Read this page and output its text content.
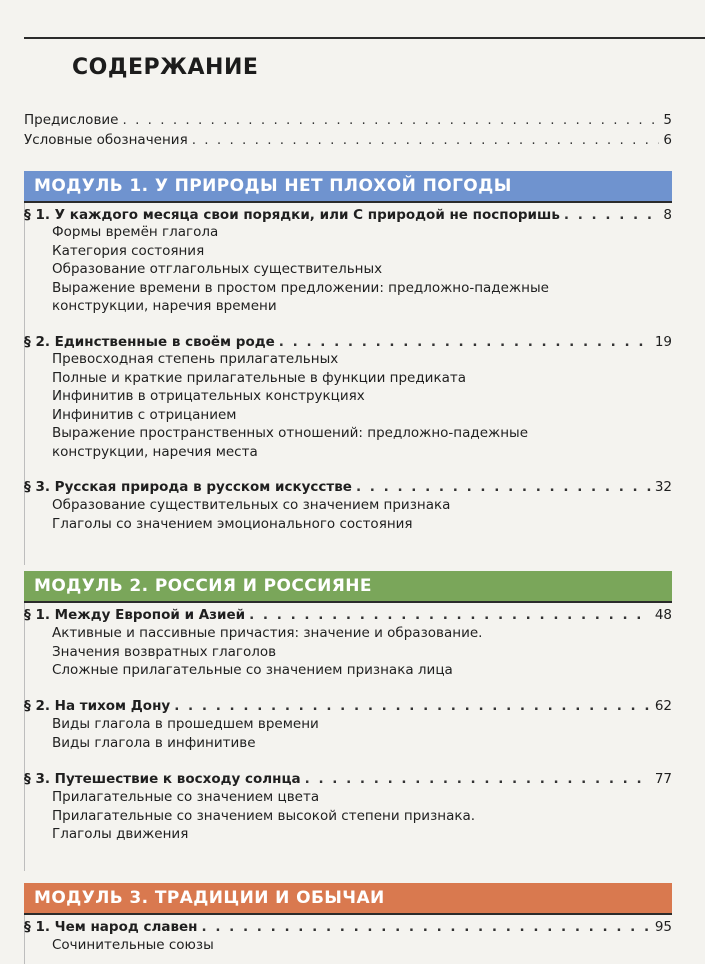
СОДЕРЖАНИЕ
Предисловие . . .	5
Условные обозначения . . .	6
МОДУЛЬ 1. У ПРИРОДЫ НЕТ ПЛОХОЙ ПОГОДЫ
§ 1. У каждого месяца свои порядки, или С природой не поспоришь . . .	8
Формы времён глагола
Категория состояния
Образование отглагольных существительных
Выражение времени в простом предложении: предложно-падежные
конструкции, наречия времени
§ 2. Единственные в своём роде . . .	19
Превосходная степень прилагательных
Полные и краткие прилагательные в функции предиката
Инфинитив в отрицательных конструкциях
Инфинитив с отрицанием
Выражение пространственных отношений: предложно-падежные
конструкции, наречия места
§ 3. Русская природа в русском искусстве . . .	32
Образование существительных со значением признака
Глаголы со значением эмоционального состояния
МОДУЛЬ 2. РОССИЯ И РОССИЯНЕ
§ 1. Между Европой и Азией . . .	48
Активные и пассивные причастия: значение и образование.
Значения возвратных глаголов
Сложные прилагательные со значением признака лица
§ 2. На тихом Дону . . .	62
Виды глагола в прошедшем времени
Виды глагола в инфинитиве
§ 3. Путешествие к восходу солнца . . .	77
Прилагательные со значением цвета
Прилагательные со значением высокой степени признака.
Глаголы движения
МОДУЛЬ 3. ТРАДИЦИИ И ОБЫЧАИ
§ 1. Чем народ славен . . .	95
Сочинительные союзы
